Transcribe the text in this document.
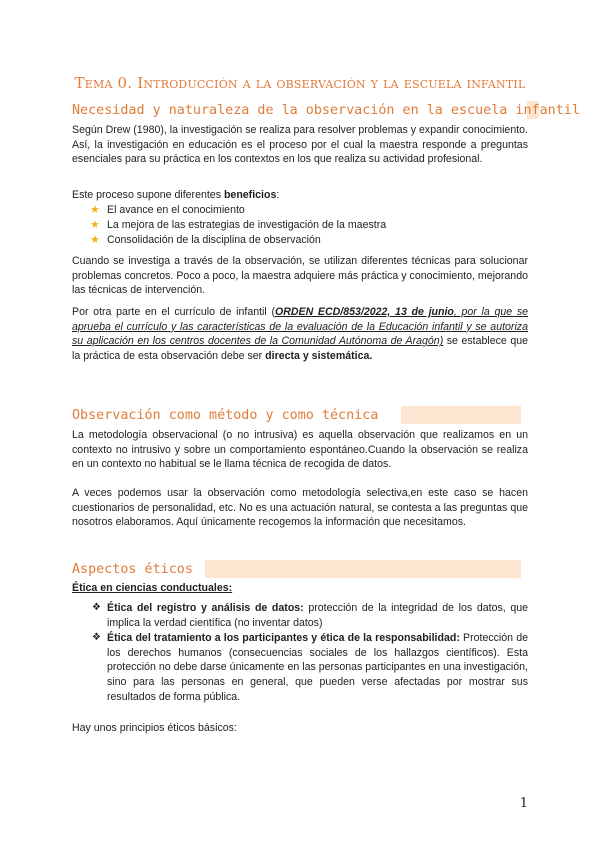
Tema 0. Introducción a la observación y la escuela infantil
Necesidad y naturaleza de la observación en la escuela infantil
Según Drew (1980), la investigación se realiza para resolver problemas y expandir conocimiento. Así, la investigación en educación es el proceso por el cual la maestra responde a preguntas esenciales para su práctica en los contextos en los que realiza su actividad profesional.
Este proceso supone diferentes beneficios:
★ El avance en el conocimiento
★ La mejora de las estrategias de investigación de la maestra
★ Consolidación de la disciplina de observación
Cuando se investiga a través de la observación, se utilizan diferentes técnicas para solucionar problemas concretos. Poco a poco, la maestra adquiere más práctica y conocimiento, mejorando las técnicas de intervención.
Por otra parte en el currículo de infantil (ORDEN ECD/853/2022, 13 de junio, por la que se aprueba el currículo y las características de la evaluación de la Educación infantil y se autoriza su aplicación en los centros docentes de la Comunidad Autónoma de Aragón) se establece que la práctica de esta observación debe ser directa y sistemática.
Observación como método y como técnica
La metodología observacional (o no intrusiva) es aquella observación que realizamos en un contexto no intrusivo y sobre un comportamiento espontáneo.Cuando la observación se realiza en un contexto no habitual se le llama técnica de recogida de datos.
A veces podemos usar la observación como metodología selectiva,en este caso se hacen cuestionarios de personalidad, etc. No es una actuación natural, se contesta a las preguntas que nosotros elaboramos. Aquí únicamente recogemos la información que necesitamos.
Aspectos éticos
Ética en ciencias conductuales:
❖ Ética del registro y análisis de datos: protección de la integridad de los datos, que implica la verdad científica (no inventar datos)
❖ Ética del tratamiento a los participantes y ética de la responsabilidad: Protección de los derechos humanos (consecuencias sociales de los hallazgos científicos). Esta protección no debe darse únicamente en las personas participantes en una investigación, sino para las personas en general, que pueden verse afectadas por mostrar sus resultados de forma pública.
Hay unos principios éticos básicos:
1
